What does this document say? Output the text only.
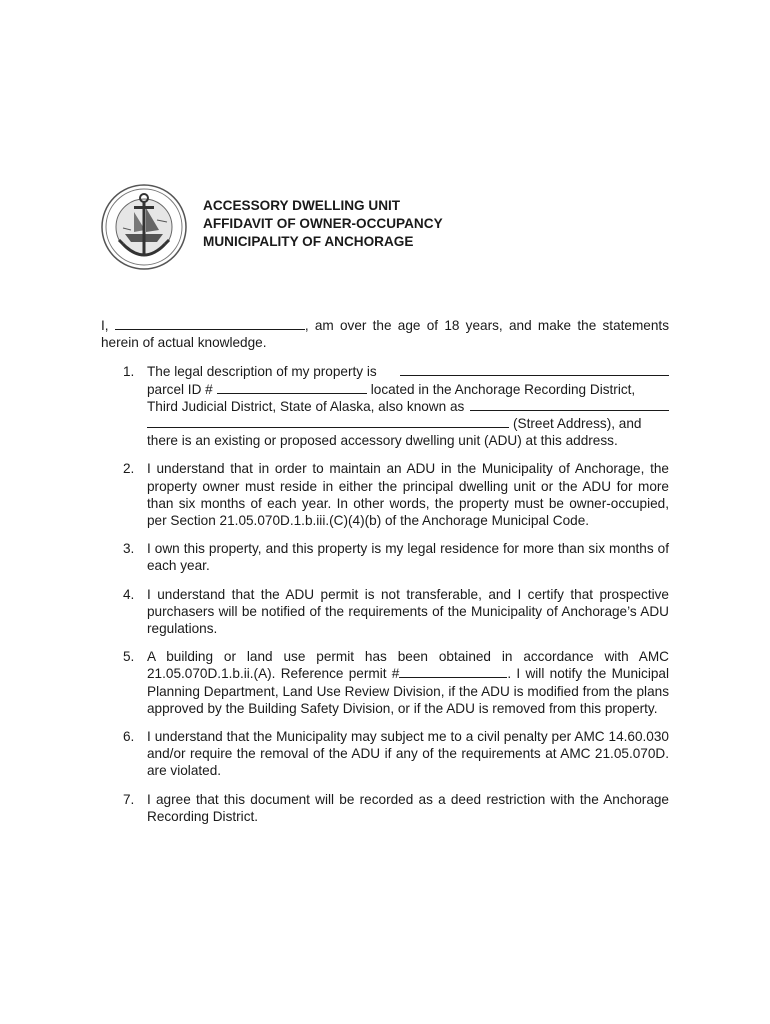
ACCESSORY DWELLING UNIT
AFFIDAVIT OF OWNER-OCCUPANCY
MUNICIPALITY OF ANCHORAGE

I,	, am over the age of 18 years, and make the statements herein of actual knowledge.

1. The legal description of my property is
parcel ID #	located in the Anchorage Recording District,
Third Judicial District, State of Alaska, also known as
(Street Address), and
there is an existing or proposed accessory dwelling unit (ADU) at this address.
2. I understand that in order to maintain an ADU in the Municipality of Anchorage, the property owner must reside in either the principal dwelling unit or the ADU for more than six months of each year. In other words, the property must be owner-occupied, per Section 21.05.070D.1.b.iii.(C)(4)(b) of the Anchorage Municipal Code.
3. I own this property, and this property is my legal residence for more than six months of each year.
4. I understand that the ADU permit is not transferable, and I certify that prospective purchasers will be notified of the requirements of the Municipality of Anchorage’s ADU regulations.
5. A building or land use permit has been obtained in accordance with AMC 21.05.070D.1.b.ii.(A). Reference permit #	. I will notify the Municipal Planning Department, Land Use Review Division, if the ADU is modified from the plans approved by the Building Safety Division, or if the ADU is removed from this property.
6. I understand that the Municipality may subject me to a civil penalty per AMC 14.60.030 and/or require the removal of the ADU if any of the requirements at AMC 21.05.070D. are violated.
7. I agree that this document will be recorded as a deed restriction with the Anchorage Recording District.
